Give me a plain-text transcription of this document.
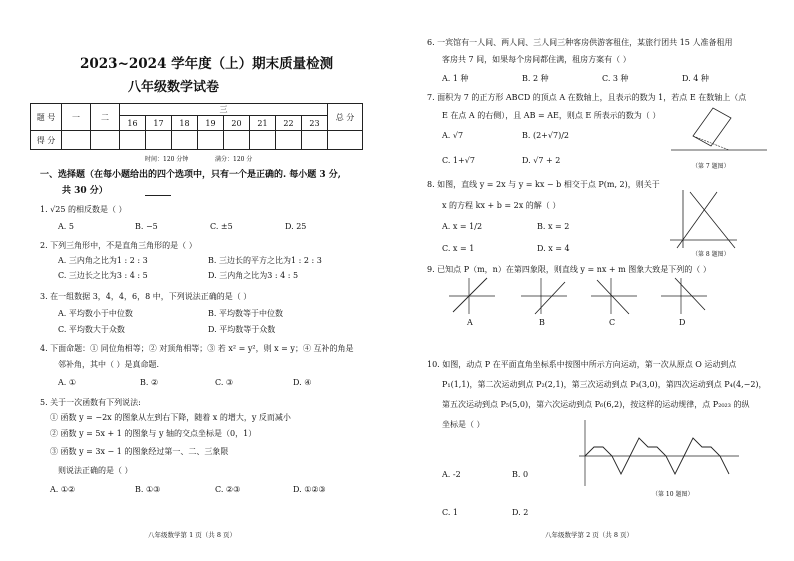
2023~2024 学年度（上）期末质量检测
八年级数学试卷
题 号	一	二	三								总 分
			16	17	18	19	20	21	22	23	
得 分											
时间：120 分钟	满分：120 分
一、选择题（在每小题给出的四个选项中，只有一个是正确的. 每小题 3 分,
共 30 分）
1. √25 的相反数是（ ）
A. 5	B. −5	C. ±5	D. 25
2. 下列三角形中，不是直角三角形的是（ ）
A. 三内角之比为1 : 2 : 3	B. 三边长的平方之比为1 : 2 : 3
C. 三边长之比为3 : 4 : 5	D. 三内角之比为3 : 4 : 5
3. 在一组数据 3，4，4，6，8 中，下列说法正确的是（ ）
A. 平均数小于中位数	B. 平均数等于中位数
C. 平均数大于众数	D. 平均数等于众数
4. 下面命题：① 同位角相等；② 对顶角相等；③ 若 x² = y²，则 x = y；④ 互补的角是
邻补角，其中（ ）是真命题.
A. ①	B. ②	C. ③	D. ④
5. 关于一次函数有下列说法:
① 函数 y = −2x 的图象从左到右下降，随着 x 的增大，y 反而减小
② 函数 y = 5x + 1 的图象与 y 轴的交点坐标是（0，1）
③ 函数 y = 3x − 1 的图象经过第一、二、三象限
则说法正确的是（ ）
A. ①②	B. ①③	C. ②③	D. ①②③
八年级数学第 1 页（共 8 页）
6. 一宾馆有一人间、两人间、三人间三种客房供游客租住，某旅行团共 15 人准备租用
客房共 7 间，如果每个房间都住满，租房方案有（ ）
A. 1 种	B. 2 种	C. 3 种	D. 4 种
7. 面积为 7 的正方形 ABCD 的顶点 A 在数轴上，且表示的数为 1，若点 E 在数轴上（点
E 在点 A 的右侧），且 AB = AE，则点 E 所表示的数为（ ）
A. √7	B. (2+√7)/2
C. 1+√7	D. √7 + 2
（第 7 题图）
8. 如图，直线 y = 2x 与 y = kx − b 相交于点 P(m, 2)，则关于
x 的方程 kx + b = 2x 的解（ ）
A. x = 1/2	B. x = 2
C. x = 1	D. x = 4
（第 8 题图）
9. 已知点 P（m，n）在第四象限，则直线 y = nx + m 图象大致是下列的（ ）
A	B	C	D
10. 如图，动点 P 在平面直角坐标系中按图中所示方向运动，第一次从原点 O 运动到点
P₁(1,1)，第二次运动到点 P₂(2,1)，第三次运动到点 P₃(3,0)，第四次运动到点 P₄(4,−2)，
第五次运动到点 P₅(5,0)，第六次运动到点 P₆(6,2)，按这样的运动规律，点 P₂₀₂₃ 的纵
坐标是（ ）
A. -2	B. 0
C. 1	D. 2
（第 10 题图）
八年级数学第 2 页（共 8 页）
